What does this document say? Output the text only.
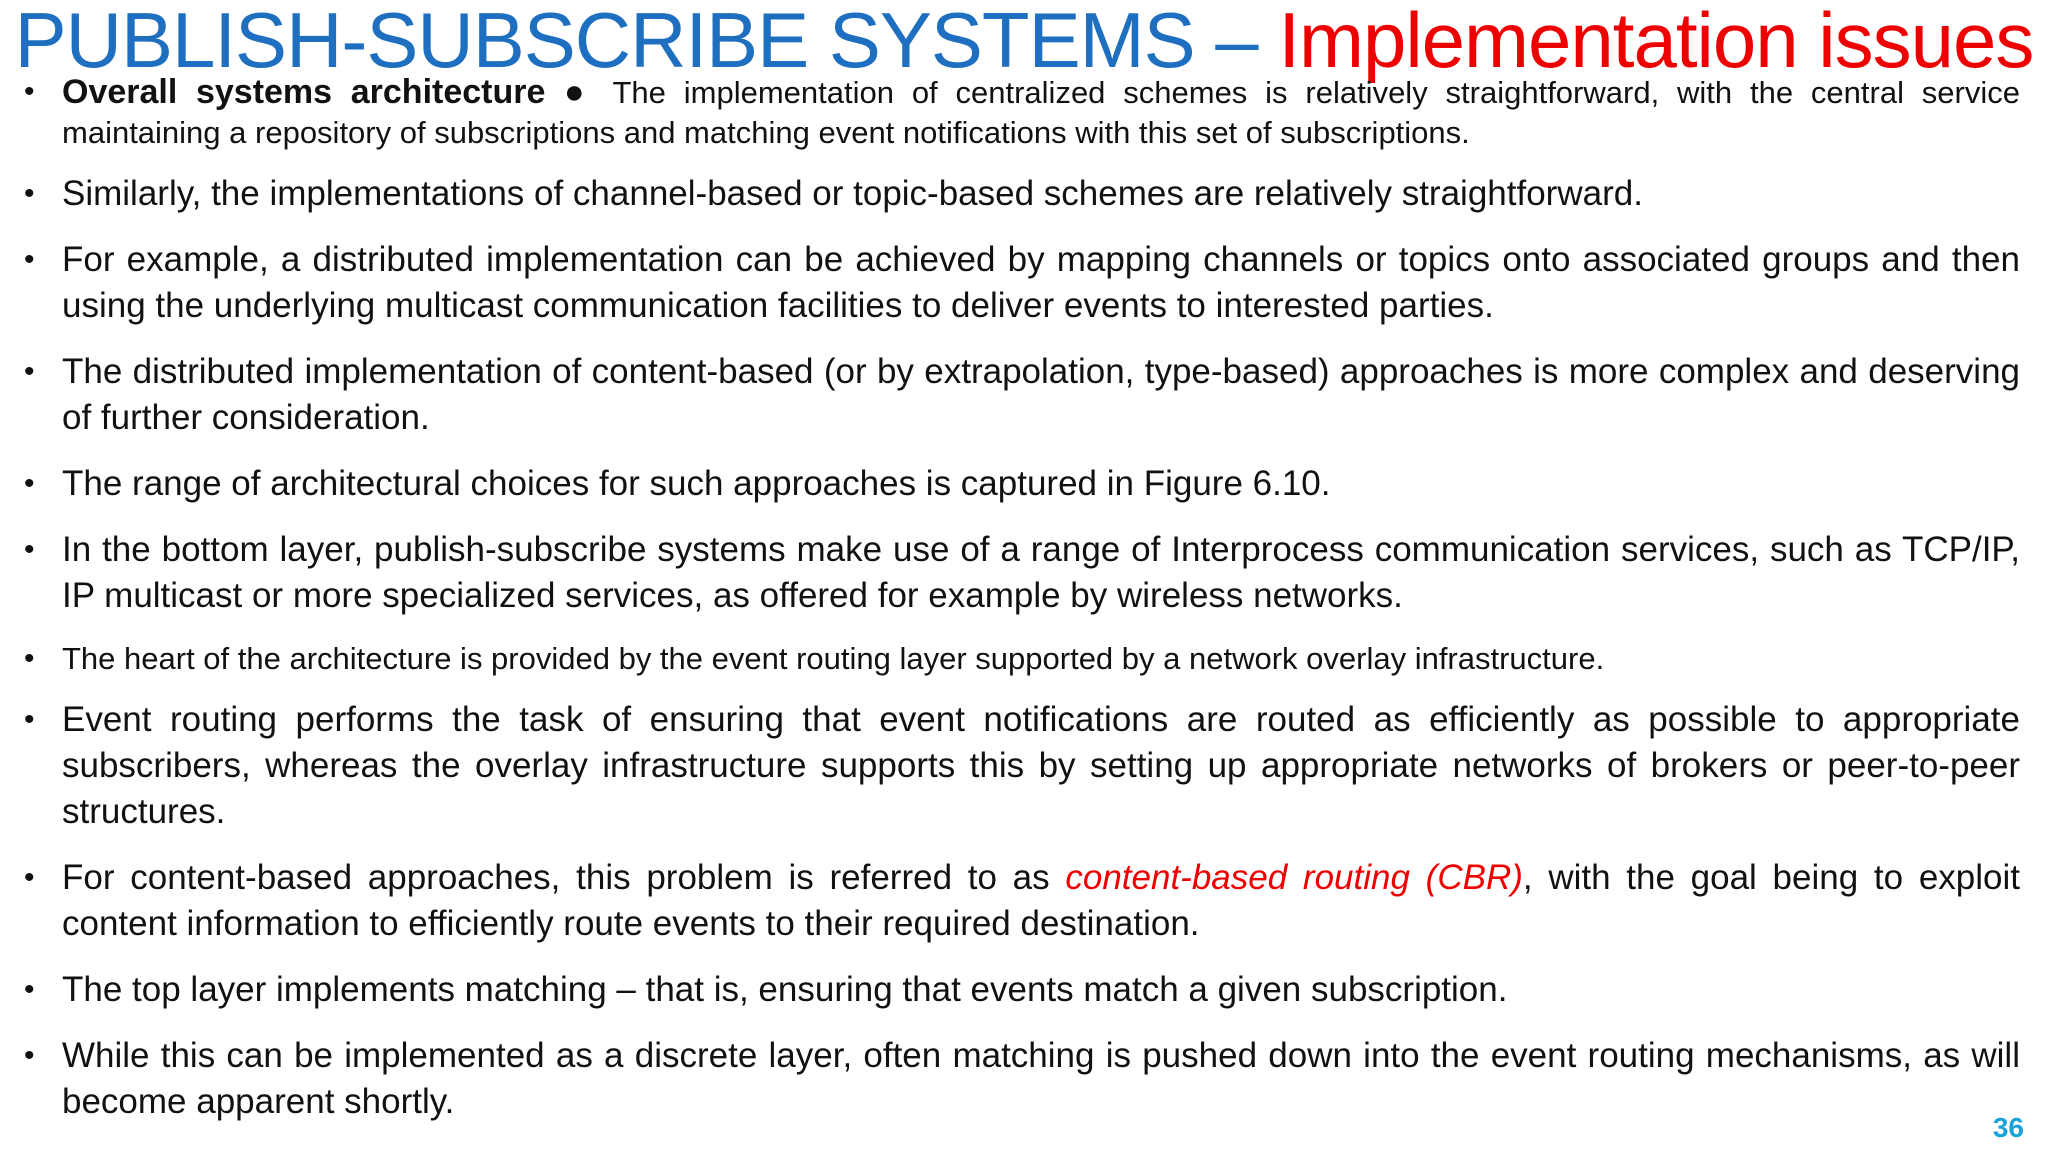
PUBLISH-SUBSCRIBE SYSTEMS – Implementation issues
• Overall systems architecture ● The implementation of centralized schemes is relatively straightforward, with the central service maintaining a repository of subscriptions and matching event notifications with this set of subscriptions.
• Similarly, the implementations of channel-based or topic-based schemes are relatively straightforward.
• For example, a distributed implementation can be achieved by mapping channels or topics onto associated groups and then using the underlying multicast communication facilities to deliver events to interested parties.
• The distributed implementation of content-based (or by extrapolation, type-based) approaches is more complex and deserving of further consideration.
• The range of architectural choices for such approaches is captured in Figure 6.10.
• In the bottom layer, publish-subscribe systems make use of a range of Interprocess communication services, such as TCP/IP, IP multicast or more specialized services, as offered for example by wireless networks.
• The heart of the architecture is provided by the event routing layer supported by a network overlay infrastructure.
• Event routing performs the task of ensuring that event notifications are routed as efficiently as possible to appropriate subscribers, whereas the overlay infrastructure supports this by setting up appropriate networks of brokers or peer-to-peer structures.
• For content-based approaches, this problem is referred to as content-based routing (CBR), with the goal being to exploit content information to efficiently route events to their required destination.
• The top layer implements matching – that is, ensuring that events match a given subscription.
• While this can be implemented as a discrete layer, often matching is pushed down into the event routing mechanisms, as will become apparent shortly.
36
